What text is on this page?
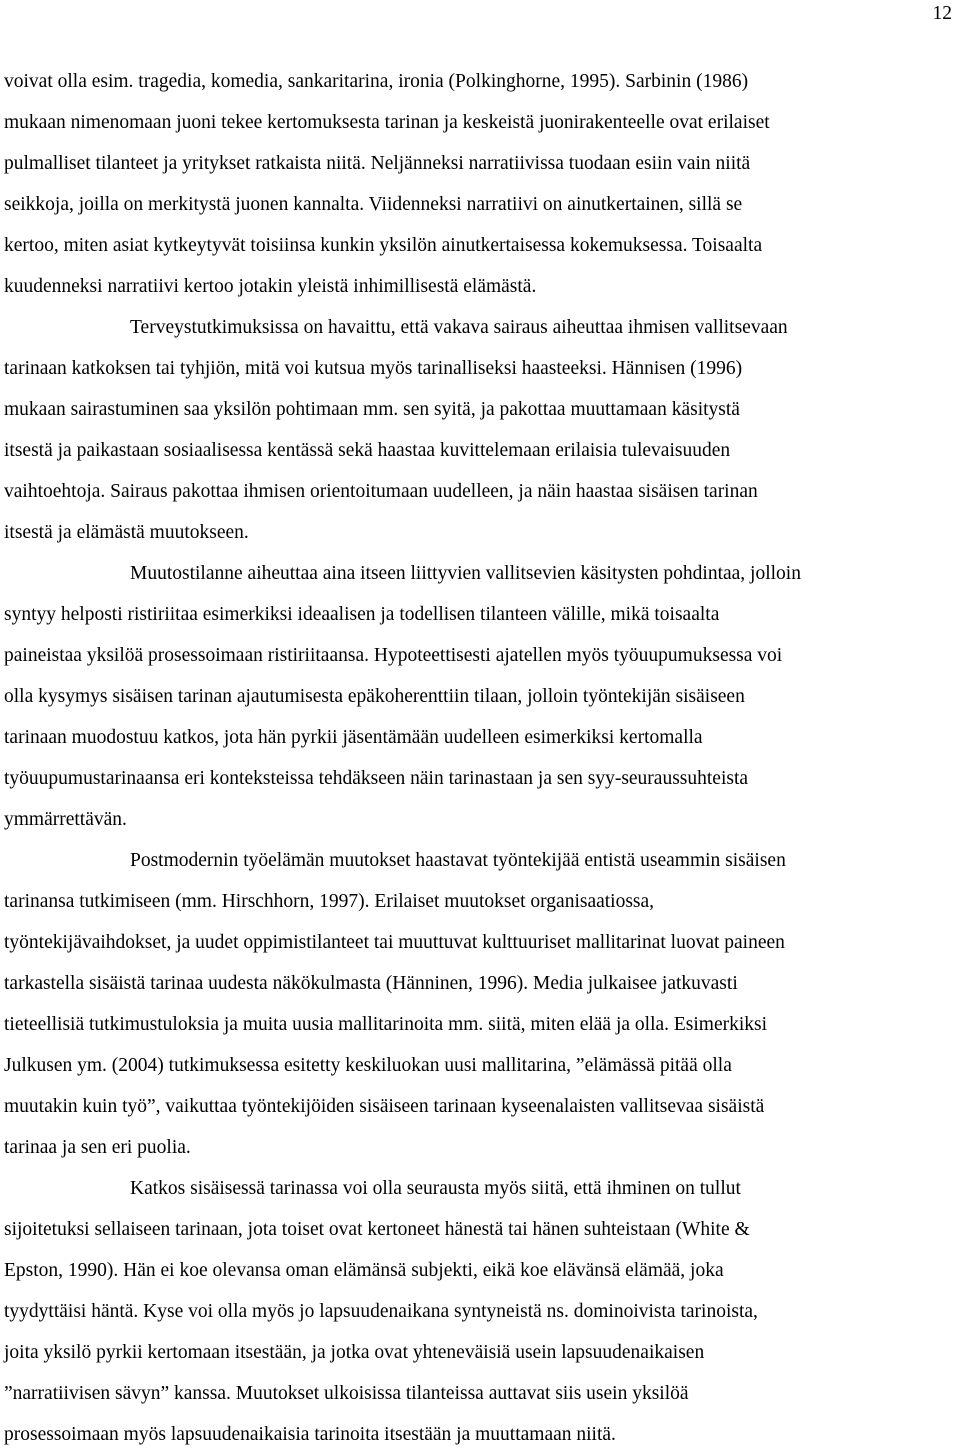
12
voivat olla esim. tragedia, komedia, sankaritarina, ironia (Polkinghorne, 1995). Sarbinin (1986)
mukaan nimenomaan juoni tekee kertomuksesta tarinan ja keskeistä juonirakenteelle ovat erilaiset
pulmalliset tilanteet ja yritykset ratkaista niitä. Neljänneksi narratiivissa tuodaan esiin vain niitä
seikkoja, joilla on merkitystä juonen kannalta. Viidenneksi narratiivi on ainutkertainen, sillä se
kertoo, miten asiat kytkeytyvät toisiinsa kunkin yksilön ainutkertaisessa kokemuksessa. Toisaalta
kuudenneksi narratiivi kertoo jotakin yleistä inhimillisestä elämästä.
Terveystutkimuksissa on havaittu, että vakava sairaus aiheuttaa ihmisen vallitsevaan
tarinaan katkoksen tai tyhjiön, mitä voi kutsua myös tarinalliseksi haasteeksi. Hännisen (1996)
mukaan sairastuminen saa yksilön pohtimaan mm. sen syitä, ja pakottaa muuttamaan käsitystä
itsestä ja paikastaan sosiaalisessa kentässä sekä haastaa kuvittelemaan erilaisia tulevaisuuden
vaihtoehtoja. Sairaus pakottaa ihmisen orientoitumaan uudelleen, ja näin haastaa sisäisen tarinan
itsestä ja elämästä muutokseen.
Muutostilanne aiheuttaa aina itseen liittyvien vallitsevien käsitysten pohdintaa, jolloin
syntyy helposti ristiriitaa esimerkiksi ideaalisen ja todellisen tilanteen välille, mikä toisaalta
paineistaa yksilöä prosessoimaan ristiriitaansa. Hypoteettisesti ajatellen myös työuupumuksessa voi
olla kysymys sisäisen tarinan ajautumisesta epäkoherenttiin tilaan, jolloin työntekijän sisäiseen
tarinaan muodostuu katkos, jota hän pyrkii jäsentämään uudelleen esimerkiksi kertomalla
työuupumustarinaansa eri konteksteissa tehdäkseen näin tarinastaan ja sen syy-seuraussuhteista
ymmärrettävän.
Postmodernin työelämän muutokset haastavat työntekijää entistä useammin sisäisen
tarinansa tutkimiseen (mm. Hirschhorn, 1997). Erilaiset muutokset organisaatiossa,
työntekijävaihdokset, ja uudet oppimistilanteet tai muuttuvat kulttuuriset mallitarinat luovat paineen
tarkastella sisäistä tarinaa uudesta näkökulmasta (Hänninen, 1996). Media julkaisee jatkuvasti
tieteellisiä tutkimustuloksia ja muita uusia mallitarinoita mm. siitä, miten elää ja olla. Esimerkiksi
Julkusen ym. (2004) tutkimuksessa esitetty keskiluokan uusi mallitarina, ”elämässä pitää olla
muutakin kuin työ”, vaikuttaa työntekijöiden sisäiseen tarinaan kyseenalaisten vallitsevaa sisäistä
tarinaa ja sen eri puolia.
Katkos sisäisessä tarinassa voi olla seurausta myös siitä, että ihminen on tullut
sijoitetuksi sellaiseen tarinaan, jota toiset ovat kertoneet hänestä tai hänen suhteistaan (White &
Epston, 1990). Hän ei koe olevansa oman elämänsä subjekti, eikä koe elävänsä elämää, joka
tyydyttäisi häntä. Kyse voi olla myös jo lapsuudenaikana syntyneistä ns. dominoivista tarinoista,
joita yksilö pyrkii kertomaan itsestään, ja jotka ovat yhteneväisiä usein lapsuudenaikaisen
”narratiivisen sävyn” kanssa. Muutokset ulkoisissa tilanteissa auttavat siis usein yksilöä
prosessoimaan myös lapsuudenaikaisia tarinoita itsestään ja muuttamaan niitä.
